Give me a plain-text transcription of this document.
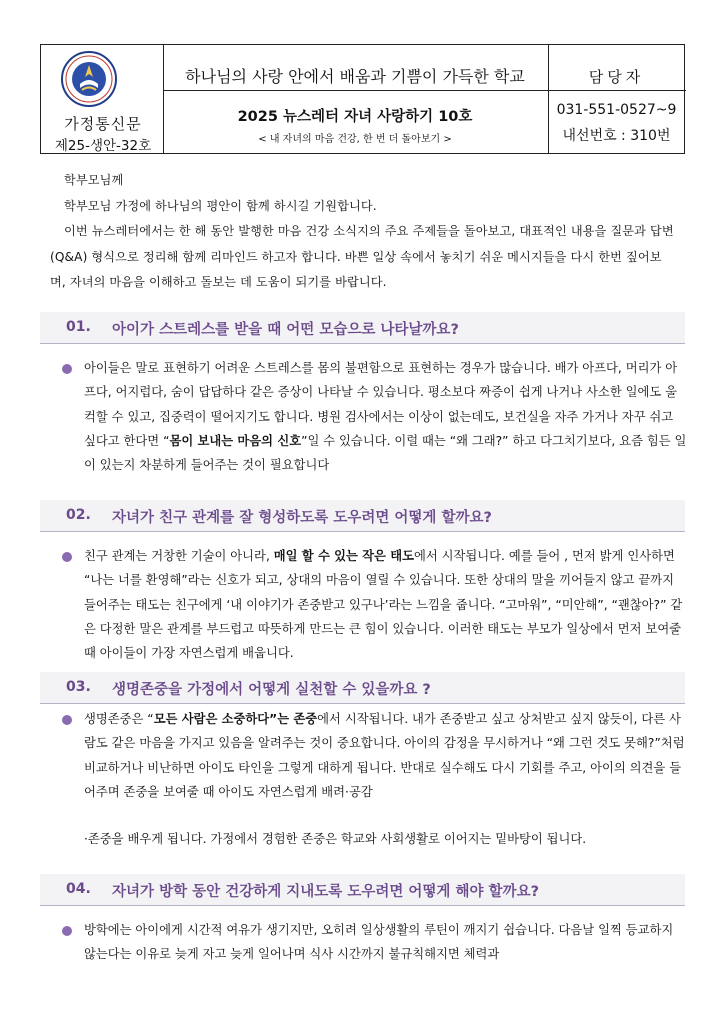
가정통신문
제25-생안-32호
하나님의 사랑 안에서 배움과 기쁨이 가득한 학교
2025 뉴스레터 자녀 사랑하기 10호
< 내 자녀의 마음 건강, 한 번 더 돌아보기 >
담당자
031-551-0527~9
내선번호 : 310번

학부모님께

학부모님 가정에 하나님의 평안이 함께 하시길 기원합니다.

이번 뉴스레터에서는 한 해 동안 발행한 마음 건강 소식지의 주요 주제들을 돌아보고, 대표적인 내용을 질문과 답변(Q&A) 형식으로 정리해 함께 리마인드 하고자 합니다. 바쁜 일상 속에서 놓치기 쉬운 메시지들을 다시 한번 짚어보며, 자녀의 마음을 이해하고 돌보는 데 도움이 되기를 바랍니다.

01. 아이가 스트레스를 받을 때 어떤 모습으로 나타날까요?

아이들은 말로 표현하기 어려운 스트레스를 몸의 불편함으로 표현하는 경우가 많습니다. 배가 아프다, 머리가 아프다, 어지럽다, 숨이 답답하다 같은 증상이 나타날 수 있습니다. 평소보다 짜증이 쉽게 나거나 사소한 일에도 울컥할 수 있고, 집중력이 떨어지기도 합니다. 병원 검사에서는 이상이 없는데도, 보건실을 자주 가거나 자꾸 쉬고 싶다고 한다면 “몸이 보내는 마음의 신호”일 수 있습니다. 이럴 때는 “왜 그래?” 하고 다그치기보다, 요즘 힘든 일이 있는지 차분하게 들어주는 것이 필요합니다

02. 자녀가 친구 관계를 잘 형성하도록 도우려면 어떻게 할까요?

친구 관계는 거창한 기술이 아니라, 매일 할 수 있는 작은 태도에서 시작됩니다. 예를 들어 , 먼저 밝게 인사하면 “나는 너를 환영해”라는 신호가 되고, 상대의 마음이 열릴 수 있습니다. 또한 상대의 말을 끼어들지 않고 끝까지 들어주는 태도는 친구에게 ‘내 이야기가 존중받고 있구나’라는 느낌을 줍니다. “고마워”, “미안해”, “괜찮아?” 같은 다정한 말은 관계를 부드럽고 따뜻하게 만드는 큰 힘이 있습니다. 이러한 태도는 부모가 일상에서 먼저 보여줄 때 아이들이 가장 자연스럽게 배웁니다.

03. 생명존중을 가정에서 어떻게 실천할 수 있을까요 ?

생명존중은 “모든 사람은 소중하다”는 존중에서 시작됩니다. 내가 존중받고 싶고 상처받고 싶지 않듯이, 다른 사람도 같은 마음을 가지고 있음을 알려주는 것이 중요합니다. 아이의 감정을 무시하거나 “왜 그런 것도 못해?”처럼 비교하거나 비난하면 아이도 타인을 그렇게 대하게 됩니다. 반대로 실수해도 다시 기회를 주고, 아이의 의견을 들어주며 존중을 보여줄 때 아이도 자연스럽게 배려·공감

·존중을 배우게 됩니다. 가정에서 경험한 존중은 학교와 사회생활로 이어지는 밑바탕이 됩니다.

04. 자녀가 방학 동안 건강하게 지내도록 도우려면 어떻게 해야 할까요?

방학에는 아이에게 시간적 여유가 생기지만, 오히려 일상생활의 루틴이 깨지기 쉽습니다. 다음날 일찍 등교하지 않는다는 이유로 늦게 자고 늦게 일어나며 식사 시간까지 불규칙해지면 체력과
